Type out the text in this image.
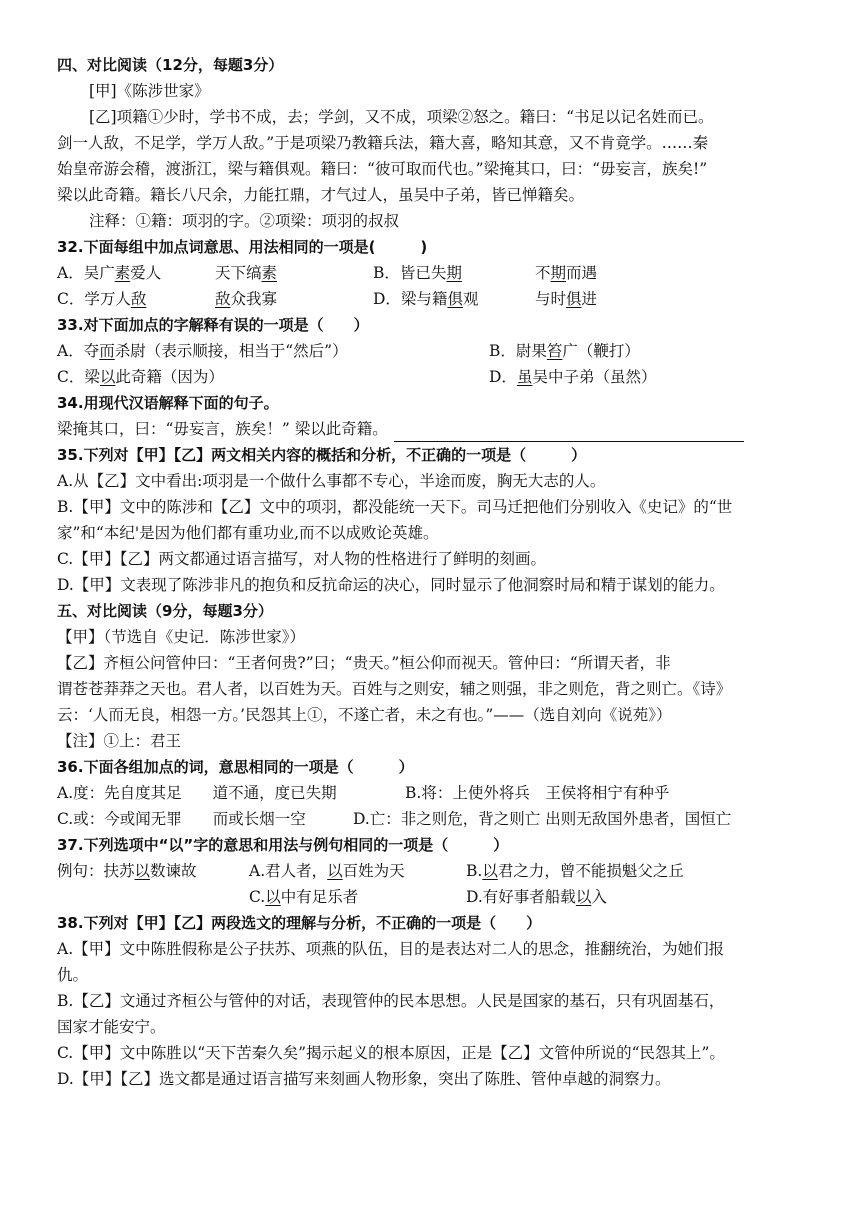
四、对比阅读（12分，每题3分）
[甲]《陈涉世家》
[乙]项籍①少时，学书不成，去；学剑，又不成，项梁②怒之。籍曰：“书足以记名姓而已。
剑一人敌，不足学，学万人敌。”于是项梁乃教籍兵法，籍大喜，略知其意，又不肯竟学。……秦
始皇帝游会稽，渡浙江，梁与籍俱观。籍曰：“彼可取而代也。”梁掩其口，曰：“毋妄言，族矣!”
梁以此奇籍。籍长八尺余，力能扛鼎，才气过人，虽吴中子弟，皆已惮籍矣。
注释：①籍：项羽的字。②项梁：项羽的叔叔
32.下面每组中加点词意思、用法相同的一项是(　　　)
A．吴广素爱人	天下缟素	B．皆已失期	不期而遇
C．学万人敌	敌众我寡	D．梁与籍俱观	与时俱进
33.对下面加点的字解释有误的一项是（　　）
A．夺而杀尉（表示顺接，相当于“然后”）	B．尉果笞广（鞭打）
C．梁以此奇籍（因为）	D．虽吴中子弟（虽然）
34.用现代汉语解释下面的句子。
梁掩其口，曰：“毋妄言，族矣！” 梁以此奇籍。
35.下列对【甲】【乙】两文相关内容的概括和分析，不正确的一项是（　　　）
A.从【乙】文中看出:项羽是一个做什么事都不专心，半途而废，胸无大志的人。
B.【甲】文中的陈涉和【乙】文中的项羽，都没能统一天下。司马迁把他们分别收入《史记》的“世
家”和“本纪'是因为他们都有重功业,而不以成败论英雄。
C.【甲】【乙】两文都通过语言描写，对人物的性格进行了鲜明的刻画。
D.【甲】文表现了陈涉非凡的抱负和反抗命运的决心，同时显示了他洞察时局和精于谋划的能力。
五、对比阅读（9分，每题3分）
【甲】（节选自《史记．陈涉世家》）
【乙】齐桓公问管仲曰：“王者何贵?”曰；“贵天。”桓公仰而视天。管仲曰：“所谓天者，非
谓苍苍莽莽之天也。君人者，以百姓为天。百姓与之则安，辅之则强，非之则危，背之则亡。《诗》
云：‘人而无良，相怨一方。’民怨其上①，不遂亡者，未之有也。”——（选自刘向《说苑》）
【注】①上：君王
36.下面各组加点的词，意思相同的一项是（　　　）
A.度：先自度其足　　道不通，度已失期	B.将：上使外将兵　王侯将相宁有种乎
C.或：今或闻无罪　　而或长烟一空	D.亡：非之则危，背之则亡 出则无敌国外患者，国恒亡
37.下列选项中“以”字的意思和用法与例句相同的一项是（　　　）
例句：扶苏以数谏故	A.君人者，以百姓为天	B.以君之力，曾不能损魁父之丘
C.以中有足乐者	D.有好事者船载以入
38.下列对【甲】【乙】两段选文的理解与分析，不正确的一项是（　　）
A.【甲】文中陈胜假称是公子扶苏、项燕的队伍，目的是表达对二人的思念，推翻统治，为她们报
仇。
B.【乙】文通过齐桓公与管仲的对话，表现管仲的民本思想。人民是国家的基石，只有巩固基石，
国家才能安宁。
C.【甲】文中陈胜以“天下苦秦久矣”揭示起义的根本原因，正是【乙】文管仲所说的“民怨其上”。
D.【甲】【乙】选文都是通过语言描写来刻画人物形象，突出了陈胜、管仲卓越的洞察力。
